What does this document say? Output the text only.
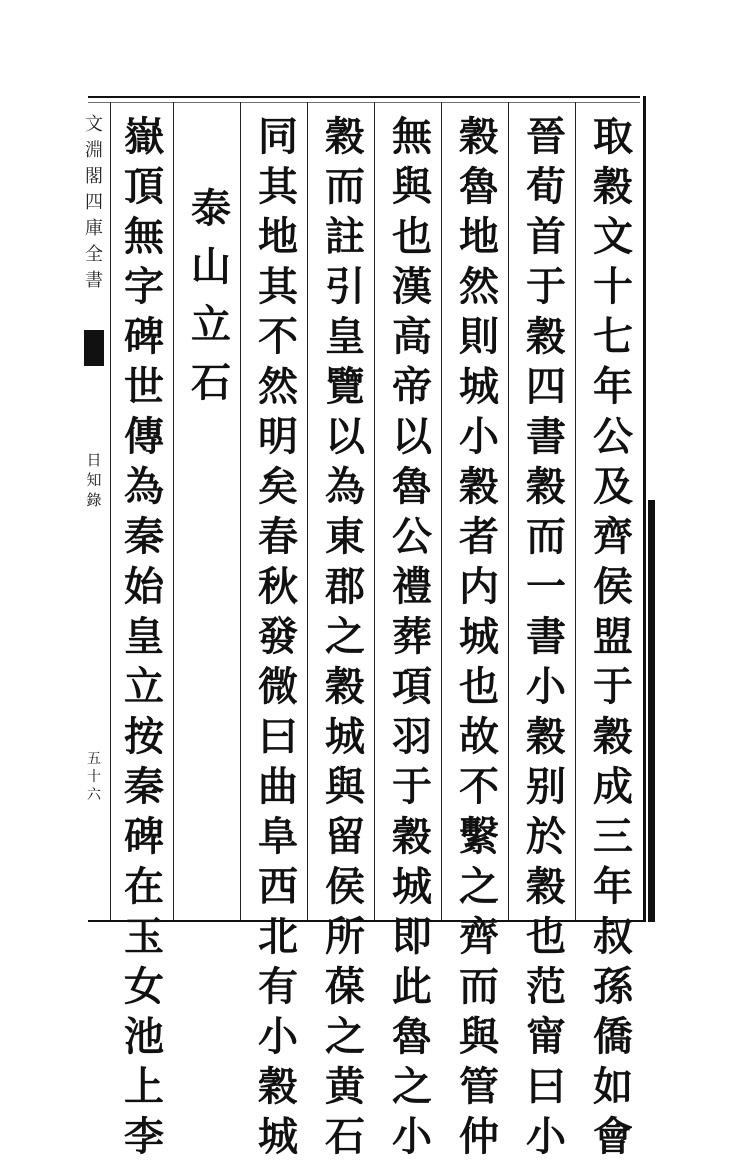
文
淵
閣
四
庫
全
書
日
知
錄
五
十
六
取
穀
文
十
七
年
公
及
齊
侯
盟
于
穀
成
三
年
叔
孫
僑
如
會
晉
荀
首
于
穀
四
書
穀
而
一
書
小
穀
别
於
穀
也
范
甯
曰
小
穀
魯
地
然
則
城
小
穀
者
内
城
也
故
不
繫
之
齊
而
與
管
仲
無
與
也
漢
高
帝
以
魯
公
禮
葬
項
羽
于
穀
城
即
此
魯
之
小
穀
而
註
引
皇
覽
以
為
東
郡
之
穀
城
與
留
侯
所
葆
之
黄
石
同
其
地
其
不
然
明
矣
春
秋
發
微
曰
曲
阜
西
北
有
小
穀
城
泰
山
立
石
嶽
頂
無
字
碑
世
傳
為
秦
始
皇
立
按
秦
碑
在
玉
女
池
上
李
